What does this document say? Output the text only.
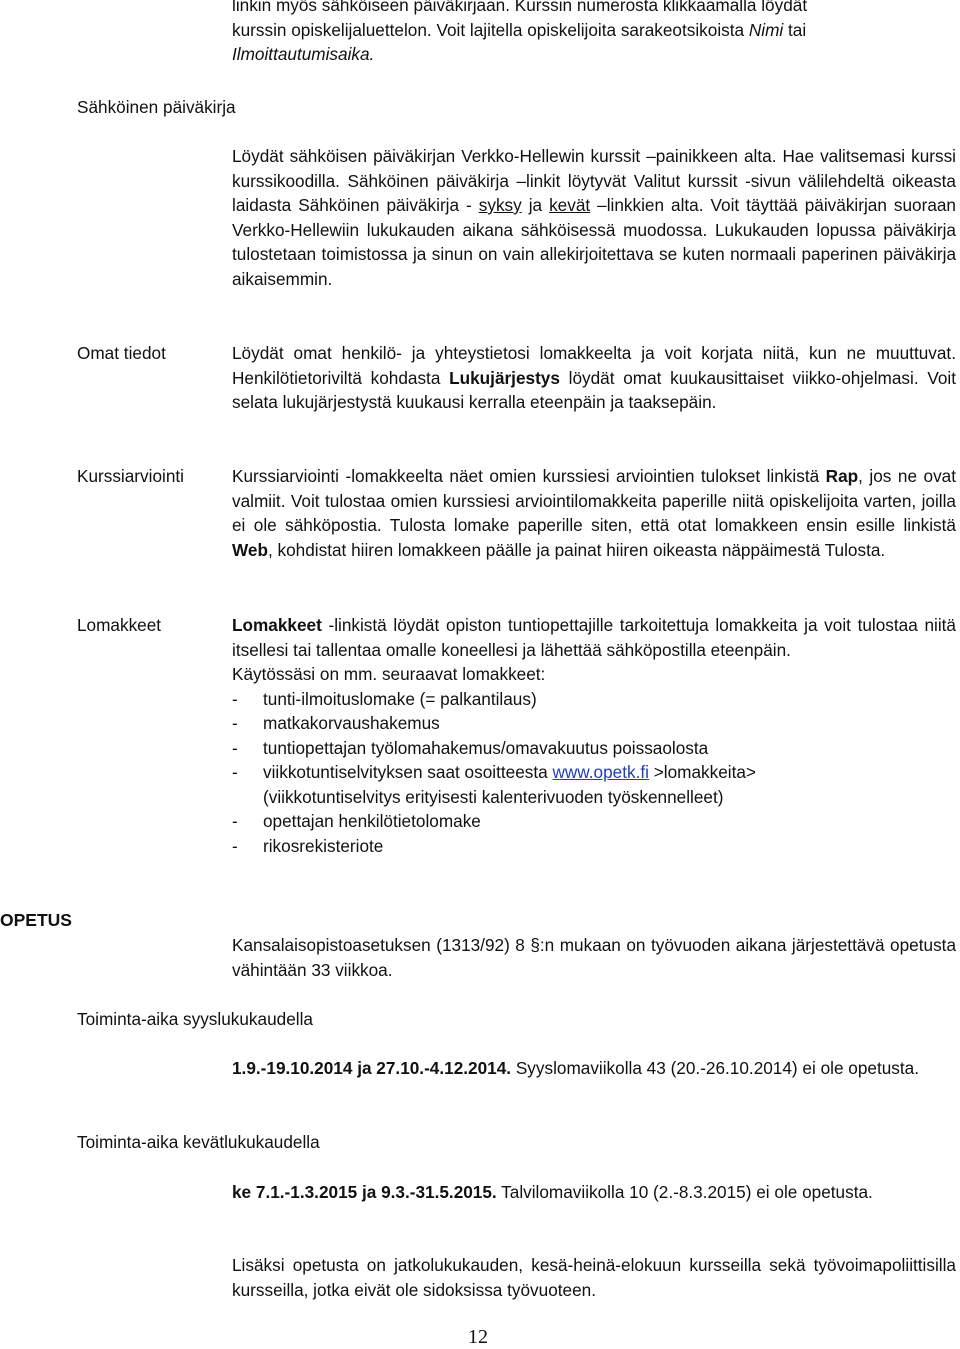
linkin myös sähköiseen päiväkirjaan. Kurssin numerosta klikkaamalla löydät
kurssin opiskelijaluettelon. Voit lajitella opiskelijoita sarakeotsikoista Nimi tai
Ilmoittautumisaika.

Sähköinen päiväkirja

Löydät sähköisen päiväkirjan Verkko-Hellewin kurssit –painikkeen alta. Hae valitsemasi kurssi kurssikoodilla. Sähköinen päiväkirja –linkit löytyvät Valitut kurssit -sivun välilehdeltä oikeasta laidasta Sähköinen päiväkirja - syksy ja kevät –linkkien alta. Voit täyttää päiväkirjan suoraan Verkko-Hellewiin lukukauden aikana sähköisessä muodossa. Lukukauden lopussa päiväkirja tulostetaan toimistossa ja sinun on vain allekirjoitettava se kuten normaali paperinen päiväkirja aikaisemmin.

Omat tiedot	Löydät omat henkilö- ja yhteystietosi lomakkeelta ja voit korjata niitä, kun ne muuttuvat. Henkilötietoriviltä kohdasta Lukujärjestys löydät omat kuukausittaiset viikko-ohjelmasi. Voit selata lukujärjestystä kuukausi kerralla eteenpäin ja taaksepäin.

Kurssiarviointi	Kurssiarviointi -lomakkeelta näet omien kurssiesi arviointien tulokset linkistä Rap, jos ne ovat valmiit. Voit tulostaa omien kurssiesi arviointilomakkeita paperille niitä opiskelijoita varten, joilla ei ole sähköpostia. Tulosta lomake paperille siten, että otat lomakkeen ensin esille linkistä Web, kohdistat hiiren lomakkeen päälle ja painat hiiren oikeasta näppäimestä Tulosta.

Lomakkeet	Lomakkeet -linkistä löydät opiston tuntiopettajille tarkoitettuja lomakkeita ja voit tulostaa niitä itsellesi tai tallentaa omalle koneellesi ja lähettää sähköpostilla eteenpäin.

Käytössäsi on mm. seuraavat lomakkeet:

- tunti-ilmoituslomake (= palkantilaus)
- matkakorvaushakemus
- tuntiopettajan työlomahakemus/omavakuutus poissaolosta
- viikkotuntiselvityksen saat osoitteesta www.opetk.fi >lomakkeita>
(viikkotuntiselvitys erityisesti kalenterivuoden työskennelleet)
- opettajan henkilötietolomake
- rikosrekisteriote
OPETUS

Kansalaisopistoasetuksen (1313/92) 8 §:n mukaan on työvuoden aikana järjestettävä opetusta vähintään 33 viikkoa.

Toiminta-aika syyslukukaudella

1.9.-19.10.2014 ja 27.10.-4.12.2014. Syyslomaviikolla 43 (20.-26.10.2014) ei ole opetusta.

Toiminta-aika kevätlukukaudella

ke 7.1.-1.3.2015 ja 9.3.-31.5.2015. Talvilomaviikolla 10 (2.-8.3.2015) ei ole opetusta.

Lisäksi opetusta on jatkolukukauden, kesä-heinä-elokuun kursseilla sekä työvoimapoliittisilla kursseilla, jotka eivät ole sidoksissa työvuoteen.

12
